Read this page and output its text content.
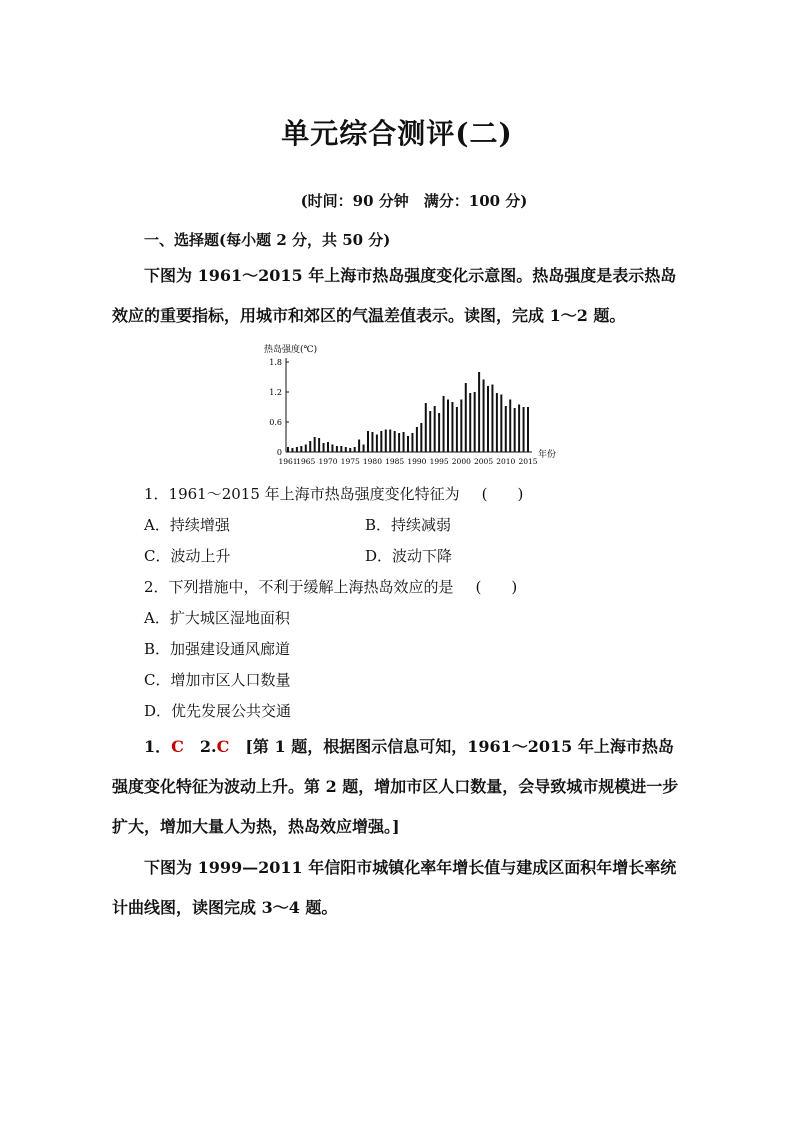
单元综合测评(二)
(时间：90 分钟　满分：100 分)
一、选择题(每小题 2 分，共 50 分)
下图为 1961～2015 年上海市热岛强度变化示意图。热岛强度是表示热岛效应的重要指标，用城市和郊区的气温差值表示。读图，完成 1～2 题。
热岛强度(℃)
0
0.6
1.2
1.8
1961
1965 1970 1975 1980 1985 1990 1995 2000 2005 2010 2015
年份
1．1961～2015 年上海市热岛强度变化特征为 (　　)
A．持续增强	B．持续减弱
C．波动上升	D．波动下降
2．下列措施中，不利于缓解上海热岛效应的是 (　　)
A．扩大城区湿地面积
B．加强建设通风廊道
C．增加市区人口数量
D．优先发展公共交通
1．C　 2.C　 [第 1 题，根据图示信息可知，1961～2015 年上海市热岛强度变化特征为波动上升。第 2 题，增加市区人口数量，会导致城市规模进一步扩大，增加大量人为热，热岛效应增强。]
下图为 1999—2011 年信阳市城镇化率年增长值与建成区面积年增长率统计曲线图，读图完成 3～4 题。
